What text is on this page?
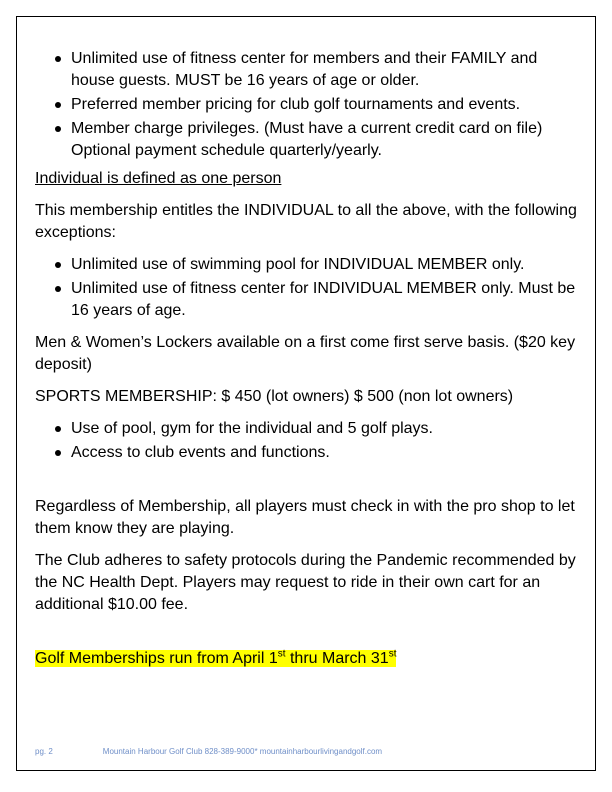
Unlimited use of fitness center for members and their FAMILY and house guests. MUST be 16 years of age or older.
Preferred member pricing for club golf tournaments and events.
Member charge privileges. (Must have a current credit card on file) Optional payment schedule quarterly/yearly.

Individual is defined as one person

This membership entitles the INDIVIDUAL to all the above, with the following exceptions:

Unlimited use of swimming pool for INDIVIDUAL MEMBER only.
Unlimited use of fitness center for INDIVIDUAL MEMBER only. Must be 16 years of age.

Men & Women’s Lockers available on a first come first serve basis. ($20 key deposit)

SPORTS MEMBERSHIP: $ 450 (lot owners) $ 500 (non lot owners)

Use of pool, gym for the individual and 5 golf plays.
Access to club events and functions.

Regardless of Membership, all players must check in with the pro shop to let them know they are playing.

The Club adheres to safety protocols during the Pandemic recommended by the NC Health Dept. Players may request to ride in their own cart for an additional $10.00 fee.

Golf Memberships run from April 1st thru March 31st

pg. 2	Mountain Harbour Golf Club 828-389-9000* mountainharbourlivingandgolf.com
